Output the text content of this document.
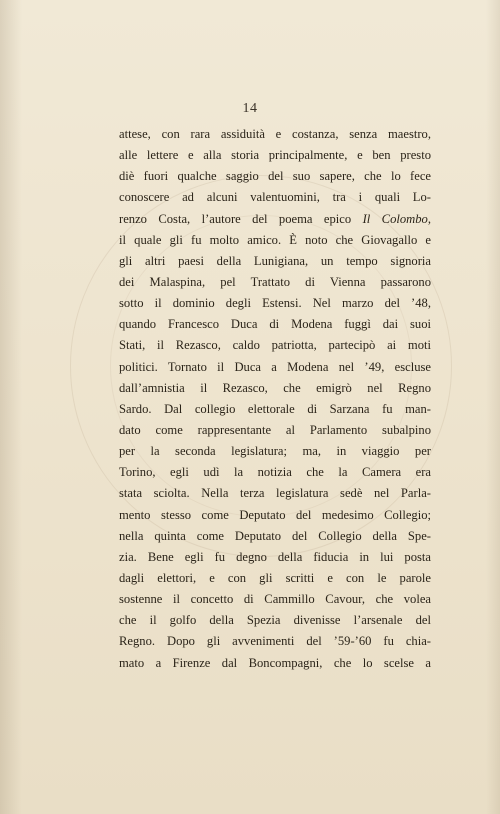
14
attese, con rara assiduità e costanza, senza maestro,
alle lettere e alla storia principalmente, e ben presto
diè fuori qualche saggio del suo sapere, che lo fece
conoscere ad alcuni valentuomini, tra i quali Lo-
renzo Costa, l’autore del poema epico Il Colombo,
il quale gli fu molto amico. È noto che Giovagallo e
gli altri paesi della Lunigiana, un tempo signoria
dei Malaspina, pel Trattato di Vienna passarono
sotto il dominio degli Estensi. Nel marzo del ’48,
quando Francesco Duca di Modena fuggì dai suoi
Stati, il Rezasco, caldo patriotta, partecipò ai moti
politici. Tornato il Duca a Modena nel ’49, escluse
dall’amnistia il Rezasco, che emigrò nel Regno
Sardo. Dal collegio elettorale di Sarzana fu man-
dato come rappresentante al Parlamento subalpino
per la seconda legislatura; ma, in viaggio per
Torino, egli udì la notizia che la Camera era
stata sciolta. Nella terza legislatura sedè nel Parla-
mento stesso come Deputato del medesimo Collegio;
nella quinta come Deputato del Collegio della Spe-
zia. Bene egli fu degno della fiducia in lui posta
dagli elettori, e con gli scritti e con le parole
sostenne il concetto di Cammillo Cavour, che volea
che il golfo della Spezia divenisse l’arsenale del
Regno. Dopo gli avvenimenti del ’59-’60 fu chia-
mato a Firenze dal Boncompagni, che lo scelse a
